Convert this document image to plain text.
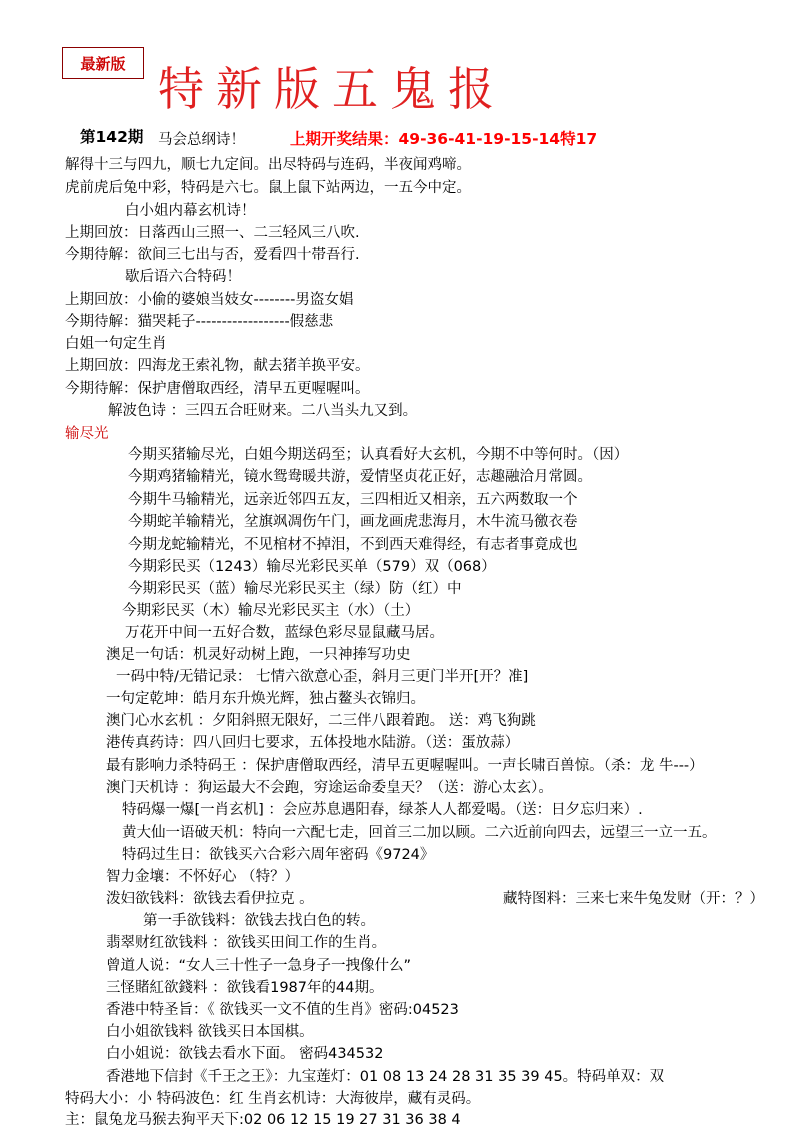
最新版 特新版五鬼报
第142期 马会总纲诗！	上期开奖结果：49-36-41-19-15-14特17
解得十三与四九，顺七九定间。出尽特码与连码，半夜闻鸡啼。
虎前虎后兔中彩，特码是六七。鼠上鼠下站两边，一五今中定。
白小姐内幕玄机诗！
上期回放：日落西山三照一、二三轻风三八吹.
今期待解：欲间三七出与否，爱看四十帯吾行.
歇后语六合特码！
上期回放：小偷的婆娘当妓女--------男盗女娼
今期待解：猫哭耗子------------------假慈悲
白姐一句定生肖
上期回放：四海龙王索礼物，献去猪羊换平安。
今期待解：保护唐僧取西经，清早五更喔喔叫。
解波色诗 ：三四五合旺财来。二八当头九又到。
输尽光
今期买猪输尽光，白姐今期送码至；认真看好大玄机，今期不中等何时。（因）
今期鸡猪输精光，镜水鸳鸯暖共游，爱情坚贞花正好，志趣融洽月常圆。
今期牛马输精光，远亲近邻四五友，三四相近又相亲，五六两数取一个
今期蛇羊输精光，坌旗飒凋伤午门，画龙画虎悲海月，木牛流马徼衣卷
今期龙蛇输精光，不见棺材不掉泪，不到西天难得经，有志者事竟成也
今期彩民买（1243）输尽光彩民买单（579）双（068）
今期彩民买（蓝）输尽光彩民买主（绿）防（红）中
今期彩民买（木）输尽光彩民买主（水）（土）
万花开中间一五好合数，蓝绿色彩尽显鼠藏马居。
澳足一句话：机灵好动树上跑，一只神捧写功史
一码中特/无错记录： 七情六欲意心歪，斜月三更门半开[开？准]
一句定乾坤：皓月东升焕光辉，独占鳌头衣锦归。
澳门心水玄机 ：夕阳斜照无限好，二三伴八跟着跑。 送：鸡飞狗跳
港传真药诗：四八回归七要求，五体投地水陆游。（送：蛋放蒜）
最有影响力杀特码王 ：保护唐僧取西经，清早五更喔喔叫。一声长啸百兽惊。（杀：龙 牛---）
澳门天机诗 ：狗运最大不会跑，穷途运命委皇天？（送：游心太玄）。
特码爆一爆[一肖玄机] ：会应苏息遇阳春，绿茶人人都爱喝。（送：日夕忘归来）.
黄大仙一语破天机：特向一六配七走，回首三二加以顾。二六近前向四去，远望三一立一五。
特码过生日：欲钱买六合彩六周年密码《9724》
智力金壤：不怀好心 （特？）
泼妇欲钱料：欲钱去看伊拉克 。	藏特图料：三来七来牛兔发财（开：？）
第一手欲钱料：欲钱去找白色的转。
翡翠财红欲钱料 ：欲钱买田间工作的生肖。
曾道人说：“女人三十性子一急身子一拽像什么”
三怪賭紅欲錢料 ：欲钱看1987年的44期。
香港中特圣旨：《 欲钱买一文不值的生肖》密码:04523
白小姐欲钱料 欲钱买日本国棋。
白小姐说：欲钱去看水下面。 密码434532
香港地下信封《千王之王》：九宝莲灯：01 08 13 24 28 31 35 39 45。特码单双：双
特码大小：小 特码波色：红 生肖玄机诗：大海彼岸，藏有灵码。
主：鼠兔龙马猴去狗平天下:02 06 12 15 19 27 31 36 38 4
